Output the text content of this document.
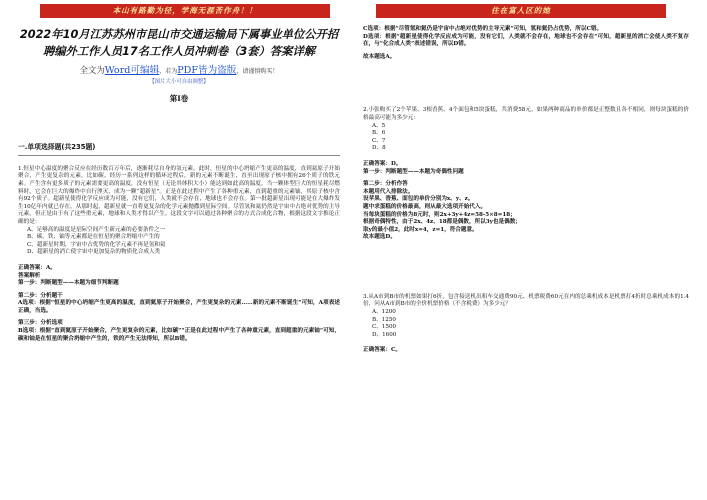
本山有路勤为径，学海无涯苦作舟！！	住在富人区的她
2022年10月江苏苏州市昆山市交通运输局下属事业单位公开招聘编外工作人员17名工作人员冲刺卷（3套）答案详解
全文为Word可编辑，若为PDF皆为盗版，请谨慎购买！
【图片大小可自由调整】
第Ⅰ卷
一.单项选择题(共235题)

1.恒星中心温度的聚合反应在经历数百万年后，逐渐耗尽自身的氢元素。此时，恒星的中心坍缩产生更高的温度，直到氦原子开始聚合，产生更复杂的元素，比如碳。经历一系列这样的循环过程后，新的元素不断诞生，直至出现原子核中拥有26个质子的铁元素。产生含有更多质子的元素需要更高的温度，没有恒星（无论其体积大小）能达到如此高的温度。当一颗体型巨大的恒星耗尽燃料时，它会在巨大的爆炸中自行湮灭，成为一颗“超新星”。正是在此过程中产生了各种重元素，直到超重的元素铀，其原子核中含有92个质子。超新星使得化学反应成为可能，没有它们，人类就不会存在，地球也不会存在。第一批超新星出现可能是在大爆炸发生10亿年内就已存在，从那时起，超新星就一直将更复杂的化学元素抛撒到星际空间。尽管氢和氦仍然是宇宙中占绝对优势的主导元素，但正是由于有了这些重元素，地球和人类才得以产生。这段文字可以通过各种聚合的方式合成化合物，根据这段文字推论正确的是：

A、足够高的温度是星际空间产生新元素的必要条件之一
B、碳、铁、铀等元素都是在恒星的聚合坍缩中产生的
C、超新星时期，宇宙中占优势的化学元素不再是氢和氦
D、超新星的消亡使宇宙中更加复杂的物质化合成人类
正确答案：A。
答案解析
第一步：判断题型——本题为细节判断题
第二步：分析题干

A选项：根据“恒星的中心坍缩产生更高的温度，直到氦原子开始聚合，产生更复杂的元素……新的元素不断诞生”可知，A项表述正确，当选。

第三步：分析选项

B选项：根据“直到氦原子开始聚合，产生更复杂的元素，比如碳”“正是在此过程中产生了各种重元素，直到超重的元素铀”可知，碳和铀是在恒星的聚合坍缩中产生的，铁的产生无法得知，所以B错。

C选项：根据“尽管氢和氦仍是宇宙中占绝对优势的主导元素”可知，氢和氦仍占优势，所以C错。

D选项：根据“超新星使得化学反应成为可能，没有它们，人类就不会存在，地球也不会存在”可知，超新星的消亡会使人类不复存在，与“化合成人类”表述错误，所以D错。

故本题选A。

2.小张购买了2个苹果、3根香蕉、4个面包和5块蛋糕，共消费58元。如果两种商品的单价都是正整数且各不相同，则每块蛋糕的价格最高可能为多少元：

A、5
B、6
C、7
D、8
正确答案：D。
第一步：判断题型——本题为奇偶性问题
第二步：分析作答
本题用代入排除法。
设苹果、香蕉、面包的单价分别为x、y、z。
题中求蛋糕的价格最高，则从最大选项开始代入。
当每块蛋糕的价格为8元时，则2x+3y+4z=58-5×8=18；
根据奇偶特性，由于2x、4z、18都是偶数，所以3y也是偶数；
取y的最小值2，此时x=4，z=1，符合题意。
故本题选D。

3.从A市到B市的机票如果打6折，包含接送机出租车交通费90元、机票税费60元在内的总乘机成本是机票打4折时总乘机成本的1.4倍，问从A市到B市的全价机票价格（不含税费）为多少元？

A、1200
B、1250
C、1500
D、1600
正确答案：C。
